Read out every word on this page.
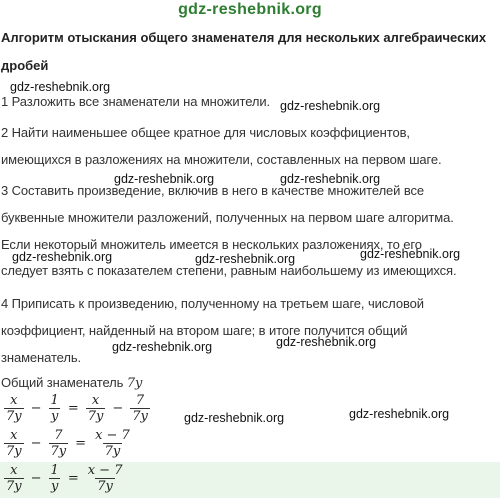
gdz-reshebnik.org
Алгоритм отыскания общего знаменателя для нескольких алгебраических
дробей
1 Разложить все знаменатели на множители.
2 Найти наименьшее общее кратное для числовых коэффициентов,
имеющихся в разложениях на множители, составленных на первом шаге.
3 Составить произведение, включив в него в качестве множителей все
буквенные множители разложений, полученных на первом шаге алгоритма.
Если некоторый множитель имеется в нескольких разложениях, то его
следует взять с показателем степени, равным наибольшему из имеющихся.
4 Приписать к произведению, полученному на третьем шаге, числовой
коэффициент, найденный на втором шаге; в итоге получится общий
знаменатель.
Общий знаменатель 7y
$\frac{x}{7y} - \frac{1}{y} = \frac{x}{7y} - \frac{7}{7y}$
$\frac{x}{7y} - \frac{7}{7y} = \frac{x - 7}{7y}$
$\frac{x}{7y} - \frac{1}{y} = \frac{x - 7}{7y}$
gdz-reshebnik.org
gdz-reshebnik.org
gdz-reshebnik.org	gdz-reshebnik.org
gdz-reshebnik.org	gdz-reshebnik.org	gdz-reshebnik.org
gdz-reshebnik.org	gdz-reshebnik.org
gdz-reshebnik.org	gdz-reshebnik.org
